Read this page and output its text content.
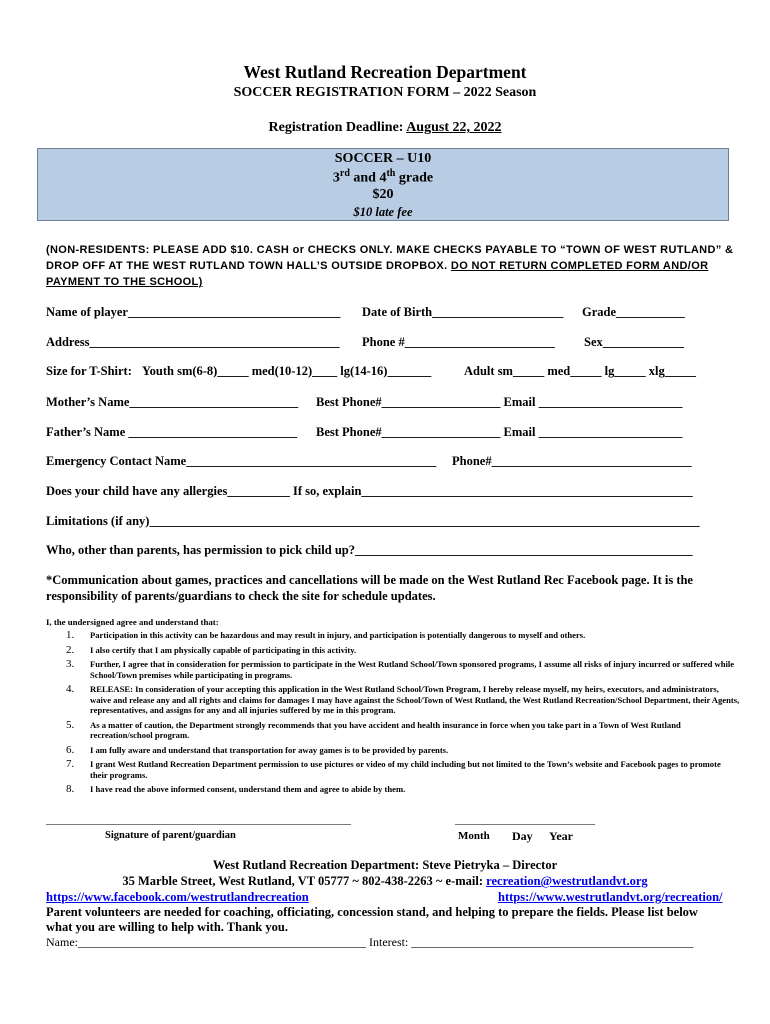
West Rutland Recreation Department
SOCCER REGISTRATION FORM – 2022 Season
Registration Deadline: August 22, 2022
SOCCER – U10
3rd and 4th grade
$20
$10 late fee
(NON-RESIDENTS: PLEASE ADD $10. CASH or CHECKS ONLY. MAKE CHECKS PAYABLE TO “TOWN OF WEST RUTLAND” & DROP OFF AT THE WEST RUTLAND TOWN HALL’S OUTSIDE DROPBOX. DO NOT RETURN COMPLETED FORM AND/OR PAYMENT TO THE SCHOOL)
Name of player__________________________________ Date of Birth_____________________ Grade___________
Address________________________________________ Phone #________________________ Sex_____________
Size for T-Shirt: Youth sm(6-8)_____ med(10-12)____ lg(14-16)_______	Adult sm_____ med_____ lg_____ xlg_____
Mother’s Name___________________________ Best Phone#___________________ Email _______________________
Father’s Name ___________________________ Best Phone#___________________ Email _______________________
Emergency Contact Name________________________________________ Phone#________________________________
Does your child have any allergies__________ If so, explain_____________________________________________________
Limitations (if any)________________________________________________________________________________________
Who, other than parents, has permission to pick child up?______________________________________________________
*Communication about games, practices and cancellations will be made on the West Rutland Rec Facebook page. It is the responsibility of parents/guardians to check the site for schedule updates.
I, the undersigned agree and understand that:
1. Participation in this activity can be hazardous and may result in injury, and participation is potentially dangerous to myself and others.
2. I also certify that I am physically capable of participating in this activity.
3. Further, I agree that in consideration for permission to participate in the West Rutland School/Town sponsored programs, I assume all risks of injury incurred or suffered while School/Town premises while participating in programs.
4. RELEASE: In consideration of your accepting this application in the West Rutland School/Town Program, I hereby release myself, my heirs, executors, and administrators, waive and release any and all rights and claims for damages I may have against the School/Town of West Rutland, the West Rutland Recreation/School Department, their Agents, representatives, and assigns for any and all injuries suffered by me in this program.
5. As a matter of caution, the Department strongly recommends that you have accident and health insurance in force when you take part in a Town of West Rutland recreation/school program.
6. I am fully aware and understand that transportation for away games is to be provided by parents.
7. I grant West Rutland Recreation Department permission to use pictures or video of my child including but not limited to the Town’s website and Facebook pages to promote their programs.
8. I have read the above informed consent, understand them and agree to abide by them.
_____________________________________________________________
Signature of parent/guardian
____________________________
Month Day Year
West Rutland Recreation Department: Steve Pietryka – Director
35 Marble Street, West Rutland, VT 05777 ~ 802-438-2263 ~ e-mail: recreation@westrutlandvt.org
https://www.facebook.com/westrutlandrecreation	https://www.westrutlandvt.org/recreation/
Parent volunteers are needed for coaching, officiating, concession stand, and helping to prepare the fields. Please list below what you are willing to help with. Thank you.
Name:________________________________________________ Interest: _______________________________________________
